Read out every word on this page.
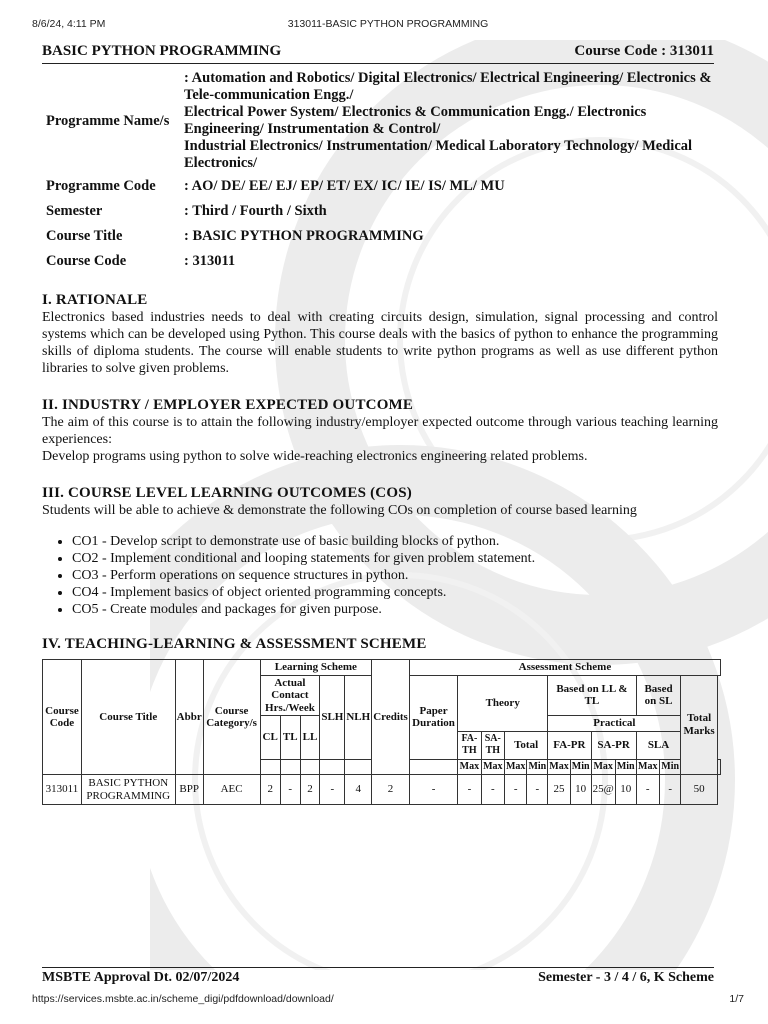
8/6/24, 4:11 PM	313011-BASIC PYTHON PROGRAMMING
BASIC PYTHON PROGRAMMING	Course Code : 313011
Programme Name/s	: Automation and Robotics/ Digital Electronics/ Electrical Engineering/ Electronics & Tele-communication Engg./
Electrical Power System/ Electronics & Communication Engg./ Electronics Engineering/ Instrumentation & Control/
Industrial Electronics/ Instrumentation/ Medical Laboratory Technology/ Medical Electronics/

Programme Code	: AO/ DE/ EE/ EJ/ EP/ ET/ EX/ IC/ IE/ IS/ ML/ MU
Semester	: Third / Fourth / Sixth
Course Title	: BASIC PYTHON PROGRAMMING
Course Code	: 313011
I. RATIONALE

Electronics based industries needs to deal with creating circuits design, simulation, signal processing and control systems which can be developed using Python. This course deals with the basics of python to enhance the programming skills of diploma students. The course will enable students to write python programs as well as use different python libraries to solve given problems.

II. INDUSTRY / EMPLOYER EXPECTED OUTCOME

The aim of this course is to attain the following industry/employer expected outcome through various teaching learning experiences:

Develop programs using python to solve wide-reaching electronics engineering related problems.

III. COURSE LEVEL LEARNING OUTCOMES (COS)

Students will be able to achieve & demonstrate the following COs on completion of course based learning

• CO1 - Develop script to demonstrate use of basic building blocks of python.
• CO2 - Implement conditional and looping statements for given problem statement.
• CO3 - Perform operations on sequence structures in python.
• CO4 - Implement basics of object oriented programming concepts.
• CO5 - Create modules and packages for given purpose.
IV. TEACHING-LEARNING & ASSESSMENT SCHEME
Course Code	Course Title	Abbr	Course Category/s	Learning Scheme					Credits	Assessment Scheme												
				Actual Contact Hrs./Week			SLH	NLH		Paper Duration	Theory				Based on LL & TL				Based on SL		Total Marks	
				CL	TL	LL									Practical							
											FA-TH	SA-TH	Total		FA-PR		SA-PR		SLA			
											Max	Max	Max	Min	Max	Min	Max	Min	Max	Min		
313011	BASIC PYTHON PROGRAMMING	BPP	AEC	2	-	2	-	4	2	-	-	-	-	-	25	10	25@	10	-	-	50	
MSBTE Approval Dt. 02/07/2024	Semester - 3 / 4 / 6, K Scheme
https://services.msbte.ac.in/scheme_digi/pdfdownload/download/	1/7
